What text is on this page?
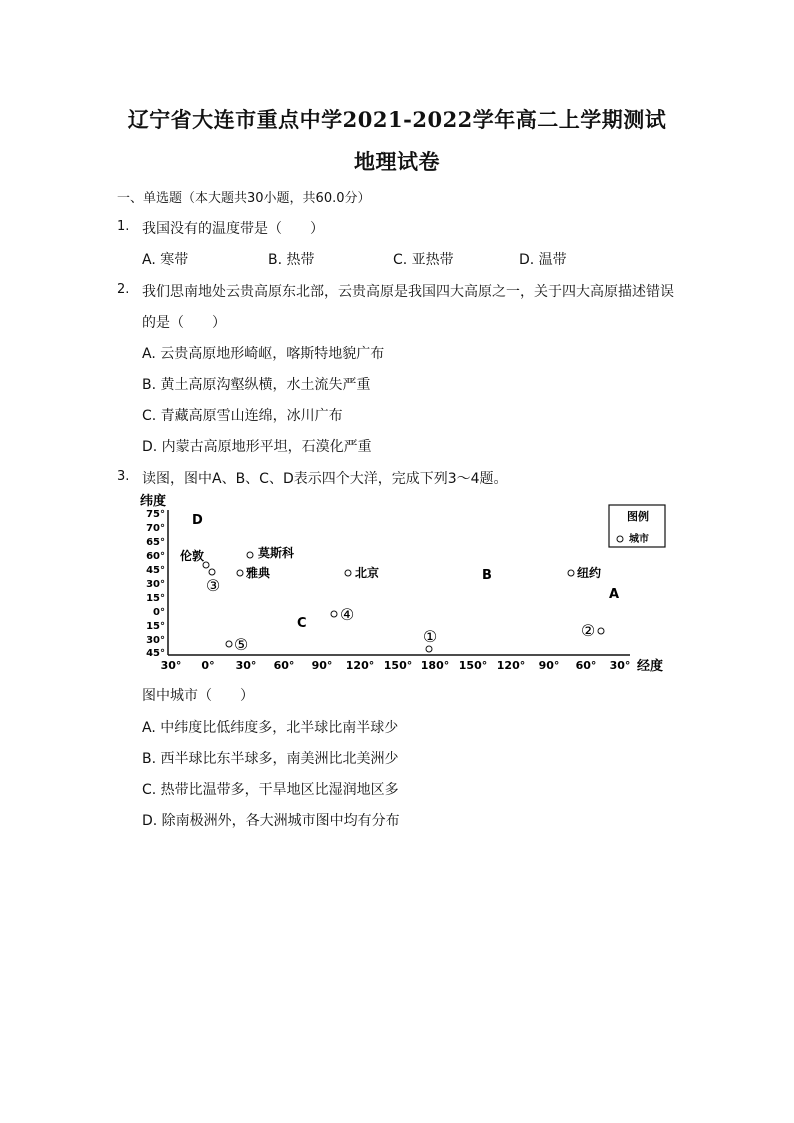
辽宁省大连市重点中学2021-2022学年高二上学期测试
地理试卷
一、单选题（本大题共30小题，共60.0分）
1. 我国没有的温度带是（　　）
A. 寒带	B. 热带	C. 亚热带	D. 温带
2. 我们思南地处云贵高原东北部，云贵高原是我国四大高原之一，关于四大高原描述错误
的是（　　）
A. 云贵高原地形崎岖，喀斯特地貌广布
B. 黄土高原沟壑纵横，水土流失严重
C. 青藏高原雪山连绵，冰川广布
D. 内蒙古高原地形平坦，石漠化严重
3. 读图，图中A、B、C、D表示四个大洋，完成下列3～4题。
纬度
75°
70°
65°
60°
45°
30°
15°
0°
15°
30°
45°
30° 0° 30° 60° 90° 120° 150° 180° 150° 120° 90° 60° 30° 经度
图例
城市
D
B
C
A
伦敦	莫斯科
雅典	北京	纽约
③
④
①	②
⑤
图中城市（　　）
A. 中纬度比低纬度多，北半球比南半球少
B. 西半球比东半球多，南美洲比北美洲少
C. 热带比温带多，干旱地区比湿润地区多
D. 除南极洲外，各大洲城市图中均有分布
